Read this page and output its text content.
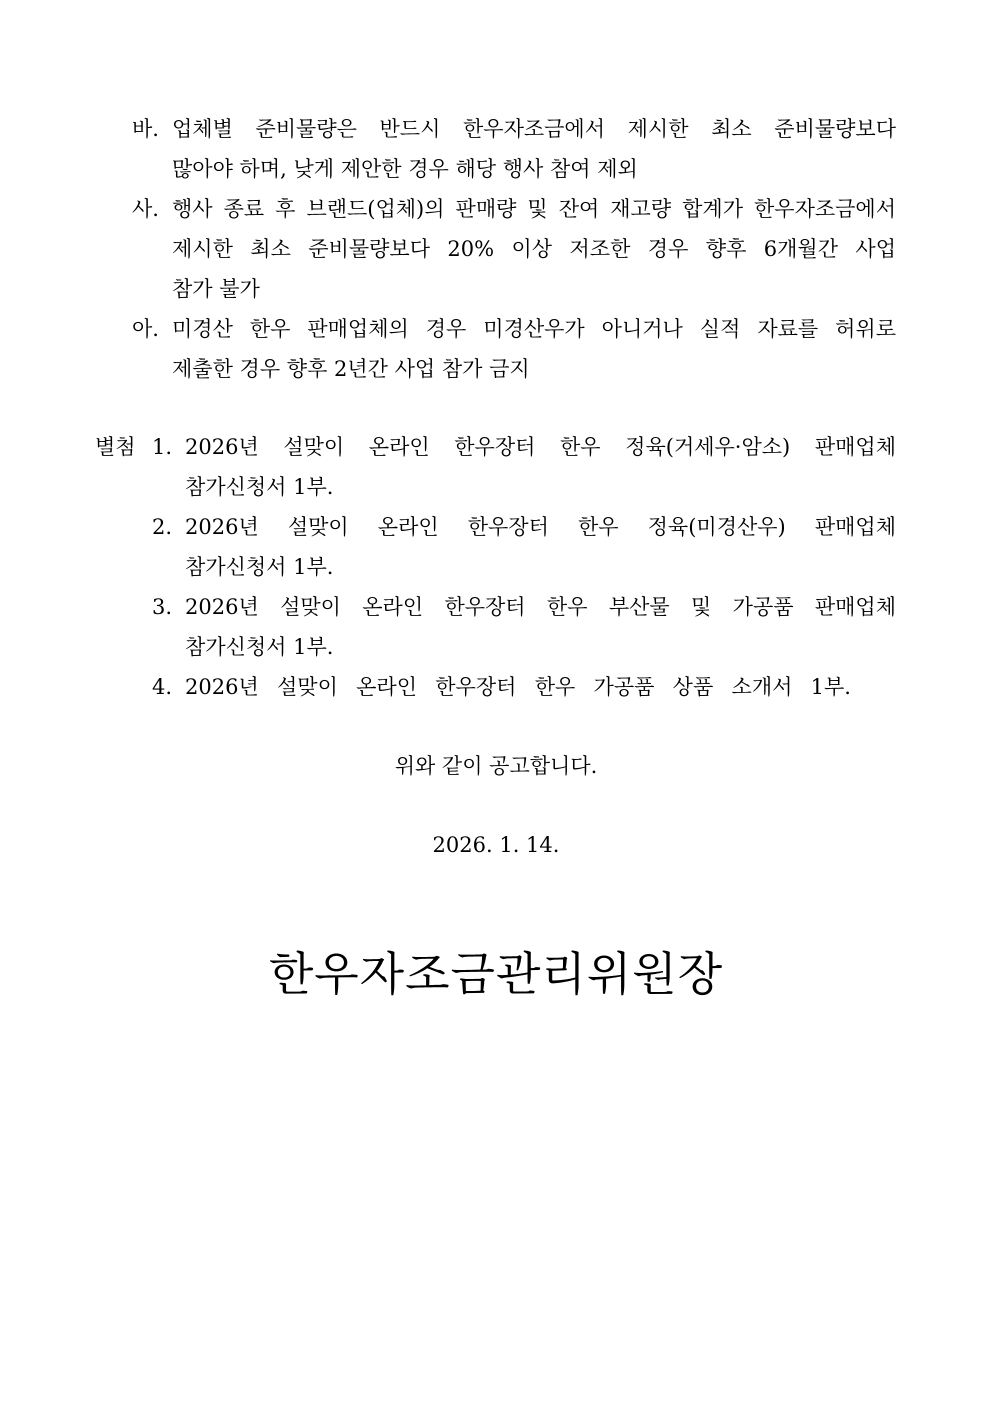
바. 업체별 준비물량은 반드시 한우자조금에서 제시한 최소 준비물량보다
많아야 하며, 낮게 제안한 경우 해당 행사 참여 제외
사. 행사 종료 후 브랜드(업체)의 판매량 및 잔여 재고량 합계가 한우자조금에서
제시한 최소 준비물량보다 20% 이상 저조한 경우 향후 6개월간 사업
참가 불가
아. 미경산 한우 판매업체의 경우 미경산우가 아니거나 실적 자료를 허위로
제출한 경우 향후 2년간 사업 참가 금지
별첨 1. 2026년 설맞이 온라인 한우장터 한우 정육(거세우·암소) 판매업체
참가신청서 1부.
2. 2026년 설맞이 온라인 한우장터 한우 정육(미경산우) 판매업체
참가신청서 1부.
3. 2026년 설맞이 온라인 한우장터 한우 부산물 및 가공품 판매업체
참가신청서 1부.
4. 2026년 설맞이 온라인 한우장터 한우 가공품 상품 소개서 1부.
위와 같이 공고합니다.
2026. 1. 14.
한우자조금관리위원장
